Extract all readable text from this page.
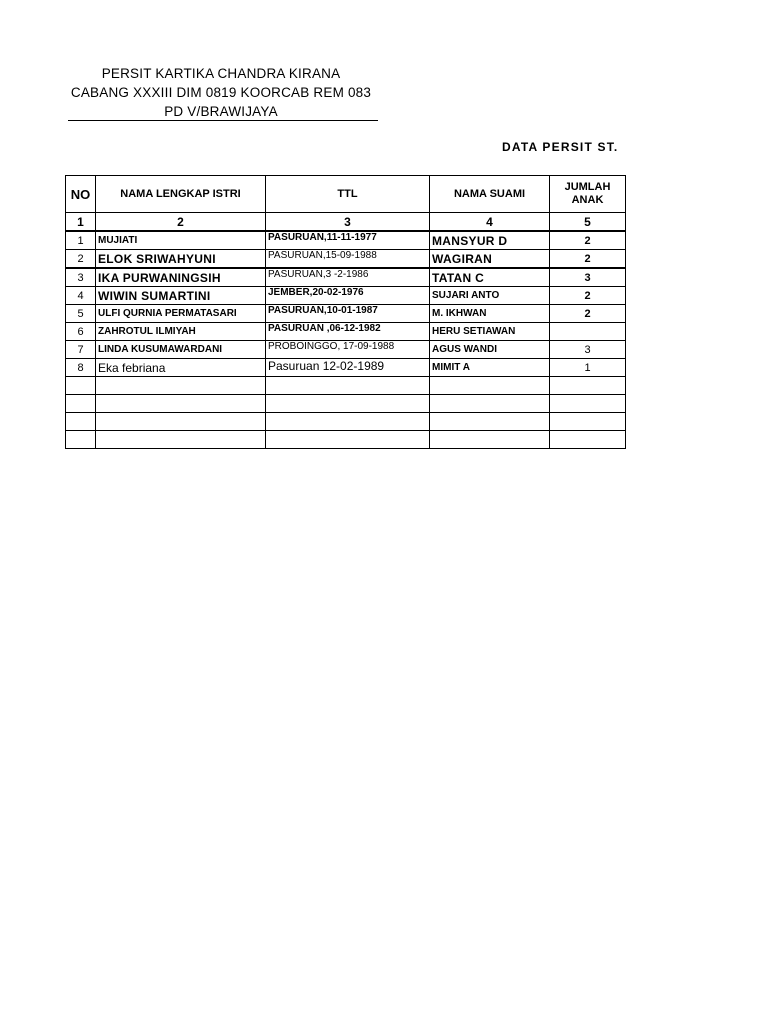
PERSIT KARTIKA CHANDRA KIRANA
CABANG XXXIII DIM 0819 KOORCAB REM 083
PD V/BRAWIJAYA
DATA PERSIT ST.
NO	NAMA LENGKAP ISTRI	TTL	NAMA SUAMI	JUMLAH ANAK
1	2	3	4	5
1	MUJIATI	PASURUAN,11-11-1977	MANSYUR D	2
2	ELOK SRIWAHYUNI	PASURUAN,15-09-1988	WAGIRAN	2
3	IKA PURWANINGSIH	PASURUAN,3 -2-1986	TATAN C	3
4	WIWIN SUMARTINI	JEMBER,20-02-1976	SUJARI ANTO	2
5	ULFI QURNIA PERMATASARI	PASURUAN,10-01-1987	M. IKHWAN	2
6	ZAHROTUL ILMIYAH	PASURUAN ,06-12-1982	HERU SETIAWAN	
7	LINDA KUSUMAWARDANI	PROBOINGGO, 17-09-1988	AGUS WANDI	3
8	Eka febriana	Pasuruan 12-02-1989	MIMIT A	1
